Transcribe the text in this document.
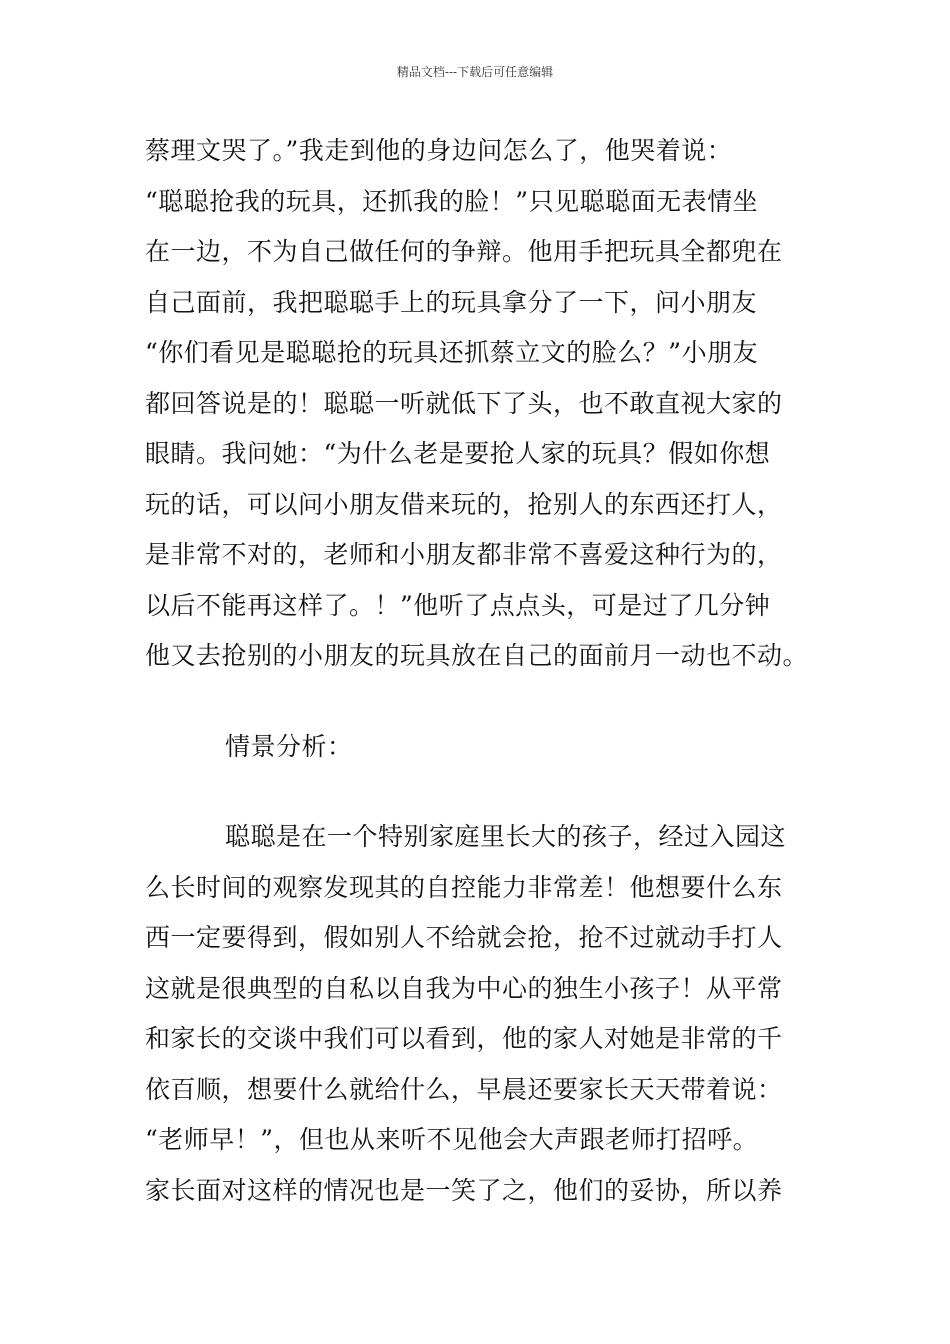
精品文档---下载后可任意编辑
蔡理文哭了。”我走到他的身边问怎么了，他哭着说：
“聪聪抢我的玩具，还抓我的脸！”只见聪聪面无表情坐
在一边，不为自己做任何的争辩。他用手把玩具全都兜在
自己面前，我把聪聪手上的玩具拿分了一下，问小朋友
“你们看见是聪聪抢的玩具还抓蔡立文的脸么？”小朋友
都回答说是的！聪聪一听就低下了头，也不敢直视大家的
眼睛。我问她：“为什么老是要抢人家的玩具？假如你想
玩的话，可以问小朋友借来玩的，抢别人的东西还打人，
是非常不对的，老师和小朋友都非常不喜爱这种行为的，
以后不能再这样了。！”他听了点点头，可是过了几分钟
他又去抢别的小朋友的玩具放在自己的面前月一动也不动。
情景分析：
聪聪是在一个特别家庭里长大的孩子，经过入园这
么长时间的观察发现其的自控能力非常差！他想要什么东
西一定要得到，假如别人不给就会抢，抢不过就动手打人
这就是很典型的自私以自我为中心的独生小孩子！从平常
和家长的交谈中我们可以看到，他的家人对她是非常的千
依百顺，想要什么就给什么，早晨还要家长天天带着说：
“老师早！”，但也从来听不见他会大声跟老师打招呼。
家长面对这样的情况也是一笑了之，他们的妥协，所以养
